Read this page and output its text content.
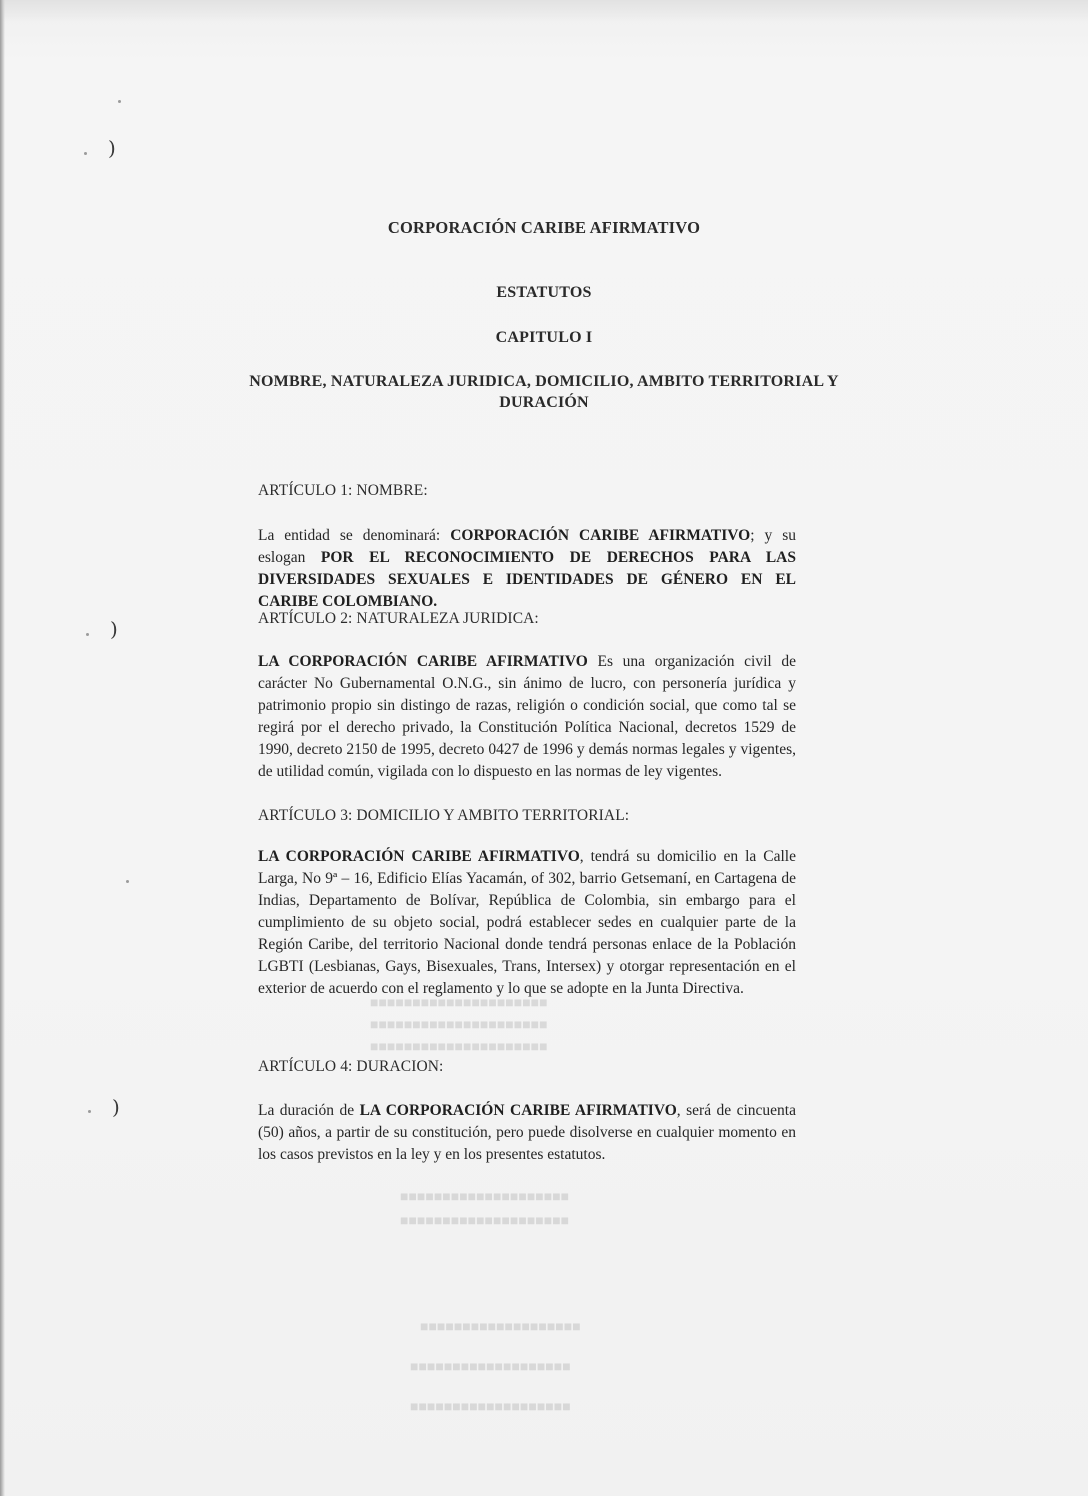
)
)
)
■■■■■■■■■■■■■■■■■■■■■
■■■■■■■■■■■■■■■■■■■■■
■■■■■■■■■■■■■■■■■■■■■
■■■■■■■■■■■■■■■■■■■■
■■■■■■■■■■■■■■■■■■■■
■■■■■■■■■■■■■■■■■■■
■■■■■■■■■■■■■■■■■■■
■■■■■■■■■■■■■■■■■■■
CORPORACIÓN CARIBE AFIRMATIVO
ESTATUTOS
CAPITULO I
NOMBRE, NATURALEZA JURIDICA, DOMICILIO, AMBITO TERRITORIAL Y
DURACIÓN
ARTÍCULO 1: NOMBRE:
La entidad se denominará: CORPORACIÓN CARIBE AFIRMATIVO; y su eslogan POR EL RECONOCIMIENTO DE DERECHOS PARA LAS DIVERSIDADES SEXUALES E IDENTIDADES DE GÉNERO EN EL CARIBE COLOMBIANO.
ARTÍCULO 2: NATURALEZA JURIDICA:
LA CORPORACIÓN CARIBE AFIRMATIVO Es una organización civil de carácter No Gubernamental O.N.G., sin ánimo de lucro, con personería jurídica y patrimonio propio sin distingo de razas, religión o condición social, que como tal se regirá por el derecho privado, la Constitución Política Nacional, decretos 1529 de 1990, decreto 2150 de 1995, decreto 0427 de 1996 y demás normas legales y vigentes, de utilidad común, vigilada con lo dispuesto en las normas de ley vigentes.
ARTÍCULO 3: DOMICILIO Y AMBITO TERRITORIAL:
LA CORPORACIÓN CARIBE AFIRMATIVO, tendrá su domicilio en la Calle Larga, No 9ª – 16, Edificio Elías Yacamán, of 302, barrio Getsemaní, en Cartagena de Indias, Departamento de Bolívar, República de Colombia, sin embargo para el cumplimiento de su objeto social, podrá establecer sedes en cualquier parte de la Región Caribe, del territorio Nacional donde tendrá personas enlace de la Población LGBTI (Lesbianas, Gays, Bisexuales, Trans, Intersex) y otorgar representación en el exterior de acuerdo con el reglamento y lo que se adopte en la Junta Directiva.
ARTÍCULO 4: DURACION:
La duración de LA CORPORACIÓN CARIBE AFIRMATIVO, será de cincuenta (50) años, a partir de su constitución, pero puede disolverse en cualquier momento en los casos previstos en la ley y en los presentes estatutos.
